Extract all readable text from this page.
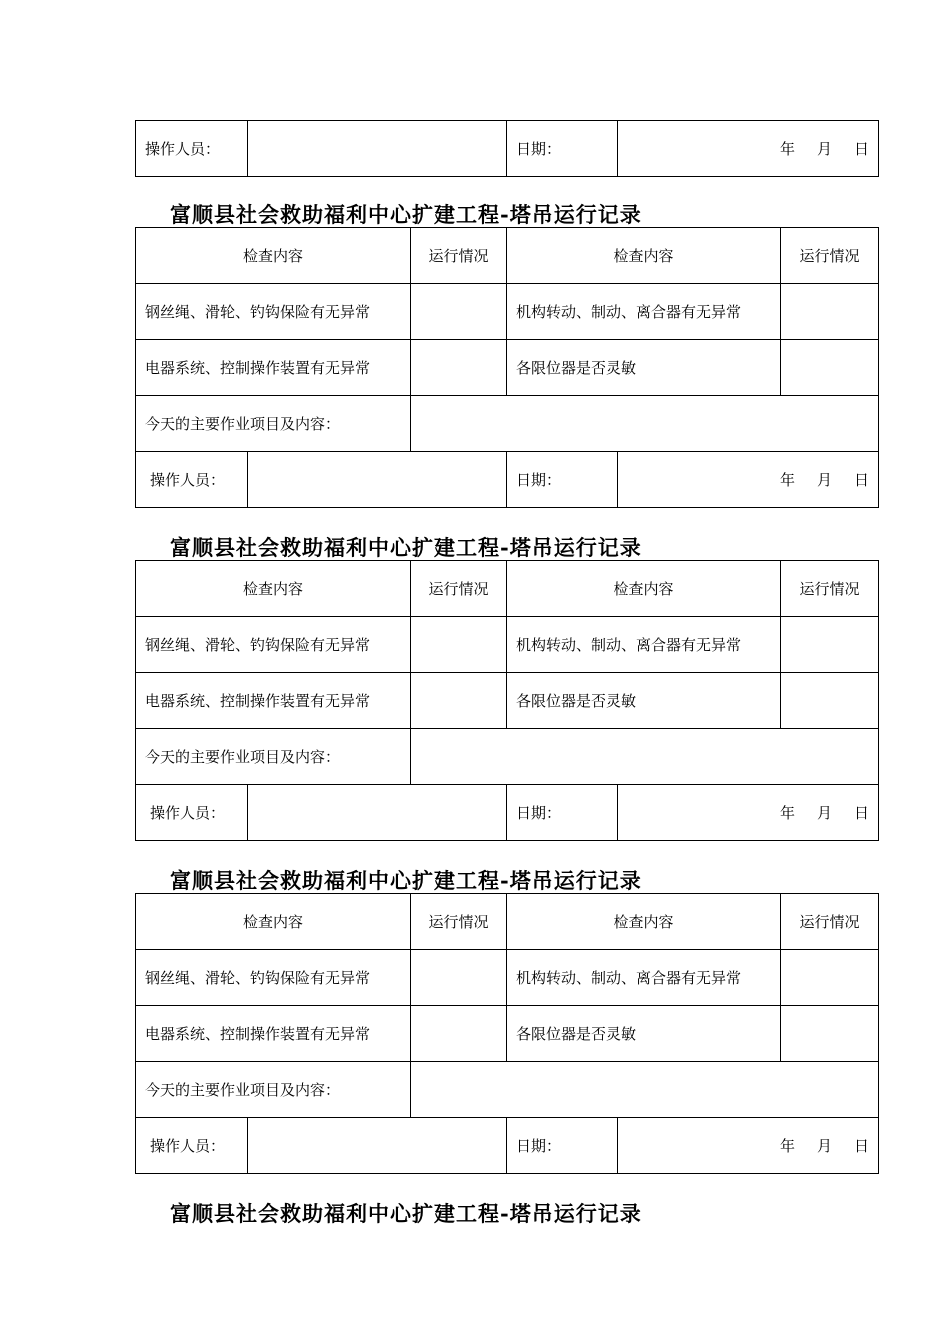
操作人员：		日期：	年 月 日
富顺县社会救助福利中心扩建工程-塔吊运行记录
检查内容		运行情况	检查内容		运行情况
钢丝绳、滑轮、钓钩保险有无异常			机构转动、制动、离合器有无异常		
电器系统、控制操作装置有无异常			各限位器是否灵敏		
今天的主要作业项目及内容：					
操作人员：			日期：	年 月 日	
富顺县社会救助福利中心扩建工程-塔吊运行记录
检查内容		运行情况	检查内容		运行情况
钢丝绳、滑轮、钓钩保险有无异常			机构转动、制动、离合器有无异常		
电器系统、控制操作装置有无异常			各限位器是否灵敏		
今天的主要作业项目及内容：					
操作人员：			日期：	年 月 日	
富顺县社会救助福利中心扩建工程-塔吊运行记录
检查内容		运行情况	检查内容		运行情况
钢丝绳、滑轮、钓钩保险有无异常			机构转动、制动、离合器有无异常		
电器系统、控制操作装置有无异常			各限位器是否灵敏		
今天的主要作业项目及内容：					
操作人员：			日期：	年 月 日	
富顺县社会救助福利中心扩建工程-塔吊运行记录
